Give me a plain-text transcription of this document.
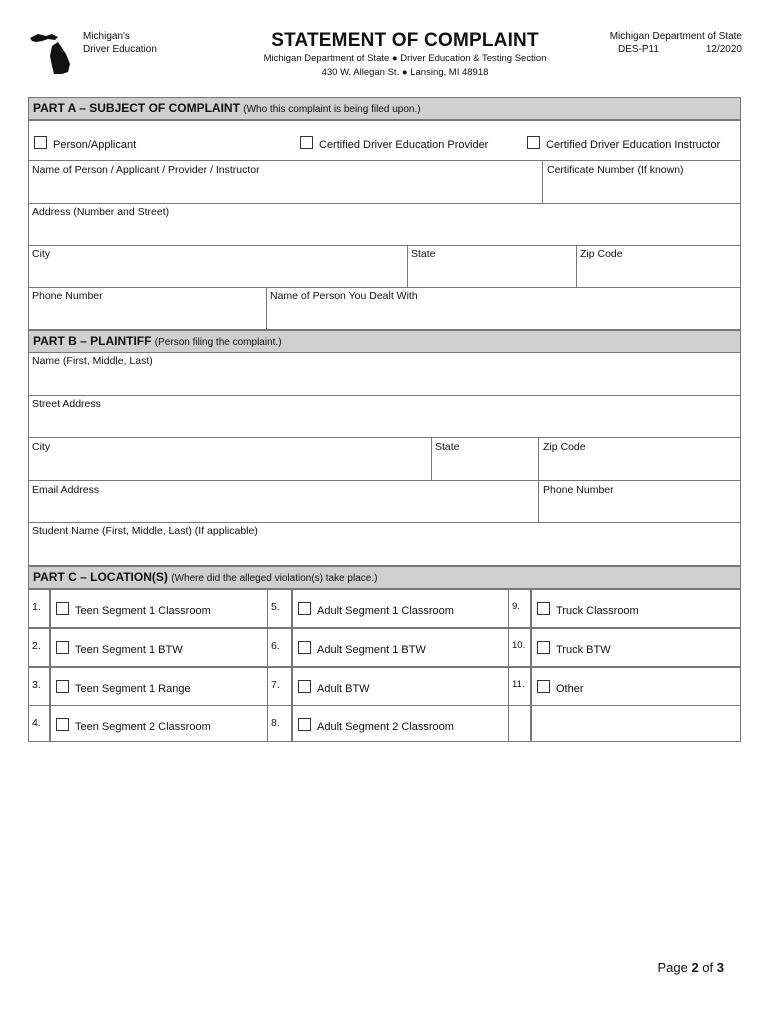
Michigan's
Driver Education	STATEMENT OF COMPLAINT
Michigan Department of State ● Driver Education & Testing Section
430 W. Allegan St. ● Lansing, MI 48918
Michigan Department of State
DES-P11	12/2020
PART A – SUBJECT OF COMPLAINT (Who this complaint is being filed upon.)
Person/Applicant	Certified Driver Education Provider	Certified Driver Education Instructor
Name of Person / Applicant / Provider / Instructor	Certificate Number (If known)
Address (Number and Street)
City	State	Zip Code
Phone Number	Name of Person You Dealt With
PART B – PLAINTIFF (Person filing the complaint.)
Name (First, Middle, Last)
Street Address
City	State	Zip Code
Email Address	Phone Number
Student Name (First, Middle, Last) (If applicable)
PART C – LOCATION(S) (Where did the alleged violation(s) take place.)
1.	Teen Segment 1 Classroom
2.	Teen Segment 1 BTW
3.	Teen Segment 1 Range
4.	Teen Segment 2 Classroom
5.	Adult Segment 1 Classroom
6.	Adult Segment 1 BTW
7.	Adult BTW
8.	Adult Segment 2 Classroom
9.	Truck Classroom
10.	Truck BTW
11.	Other
Page 2 of 3
